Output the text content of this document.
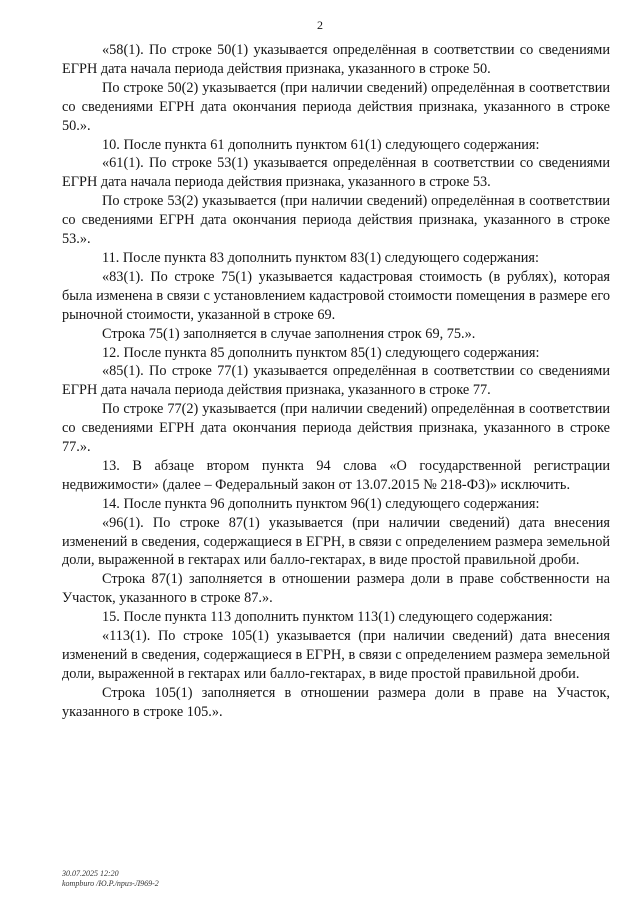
2

«58(1). По строке 50(1) указывается определённая в соответствии со сведениями ЕГРН дата начала периода действия признака, указанного в строке 50.

По строке 50(2) указывается (при наличии сведений) определённая в соответствии со сведениями ЕГРН дата окончания периода действия признака, указанного в строке 50.».

10. После пункта 61 дополнить пунктом 61(1) следующего содержания:

«61(1). По строке 53(1) указывается определённая в соответствии со сведениями ЕГРН дата начала периода действия признака, указанного в строке 53.

По строке 53(2) указывается (при наличии сведений) определённая в соответствии со сведениями ЕГРН дата окончания периода действия признака, указанного в строке 53.».

11. После пункта 83 дополнить пунктом 83(1) следующего содержания:

«83(1). По строке 75(1) указывается кадастровая стоимость (в рублях), которая была изменена в связи с установлением кадастровой стоимости помещения в размере его рыночной стоимости, указанной в строке 69.

Строка 75(1) заполняется в случае заполнения строк 69, 75.».

12. После пункта 85 дополнить пунктом 85(1) следующего содержания:

«85(1). По строке 77(1) указывается определённая в соответствии со сведениями ЕГРН дата начала периода действия признака, указанного в строке 77.

По строке 77(2) указывается (при наличии сведений) определённая в соответствии со сведениями ЕГРН дата окончания периода действия признака, указанного в строке 77.».

13. В абзаце втором пункта 94 слова «О государственной регистрации недвижимости» (далее – Федеральный закон от 13.07.2015 № 218-ФЗ)» исключить.

14. После пункта 96 дополнить пунктом 96(1) следующего содержания:

«96(1). По строке 87(1) указывается (при наличии сведений) дата внесения изменений в сведения, содержащиеся в ЕГРН, в связи с определением размера земельной доли, выраженной в гектарах или балло-гектарах, в виде простой правильной дроби.

Строка 87(1) заполняется в отношении размера доли в праве собственности на Участок, указанного в строке 87.».

15. После пункта 113 дополнить пунктом 113(1) следующего содержания:

«113(1). По строке 105(1) указывается (при наличии сведений) дата внесения изменений в сведения, содержащиеся в ЕГРН, в связи с определением размера земельной доли, выраженной в гектарах или балло-гектарах, в виде простой правильной дроби.

Строка 105(1) заполняется в отношении размера доли в праве на Участок, указанного в строке 105.».

30.07.2025 12:20
kompburo /Ю.Р./приз-Л969-2
